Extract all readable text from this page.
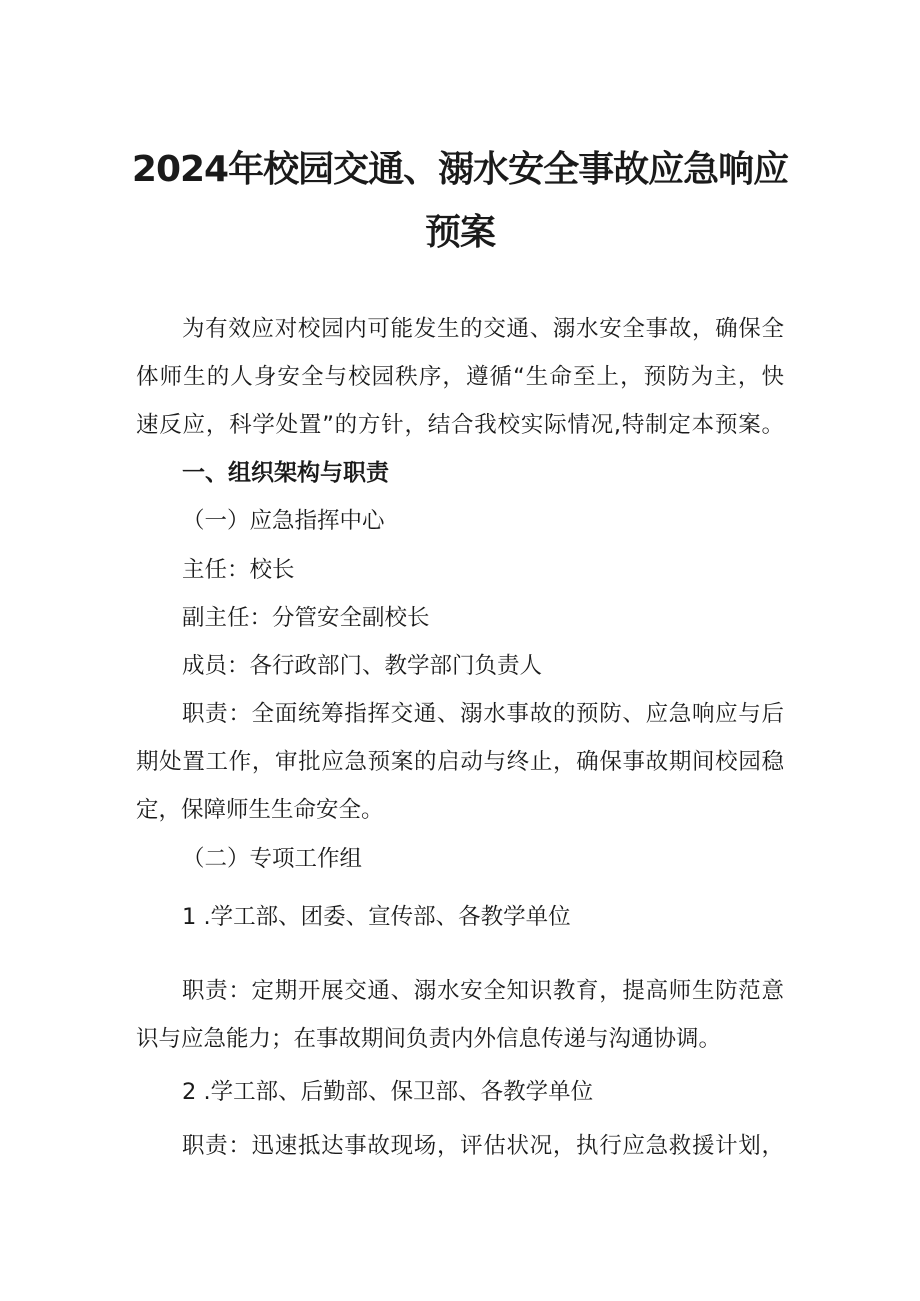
2024年校园交通、溺水安全事故应急响应
预案
为有效应对校园内可能发生的交通、溺水安全事故，确保全
体师生的人身安全与校园秩序，遵循“生命至上，预防为主，快
速反应，科学处置”的方针，结合我校实际情况,特制定本预案。
一、组织架构与职责
（一）应急指挥中心
主任：校长
副主任：分管安全副校长
成员：各行政部门、教学部门负责人
职责：全面统筹指挥交通、溺水事故的预防、应急响应与后
期处置工作，审批应急预案的启动与终止，确保事故期间校园稳
定，保障师生生命安全。
（二）专项工作组
1 .学工部、团委、宣传部、各教学单位
职责：定期开展交通、溺水安全知识教育，提高师生防范意
识与应急能力；在事故期间负责内外信息传递与沟通协调。
2 .学工部、后勤部、保卫部、各教学单位
职责：迅速抵达事故现场，评估状况，执行应急救援计划，
